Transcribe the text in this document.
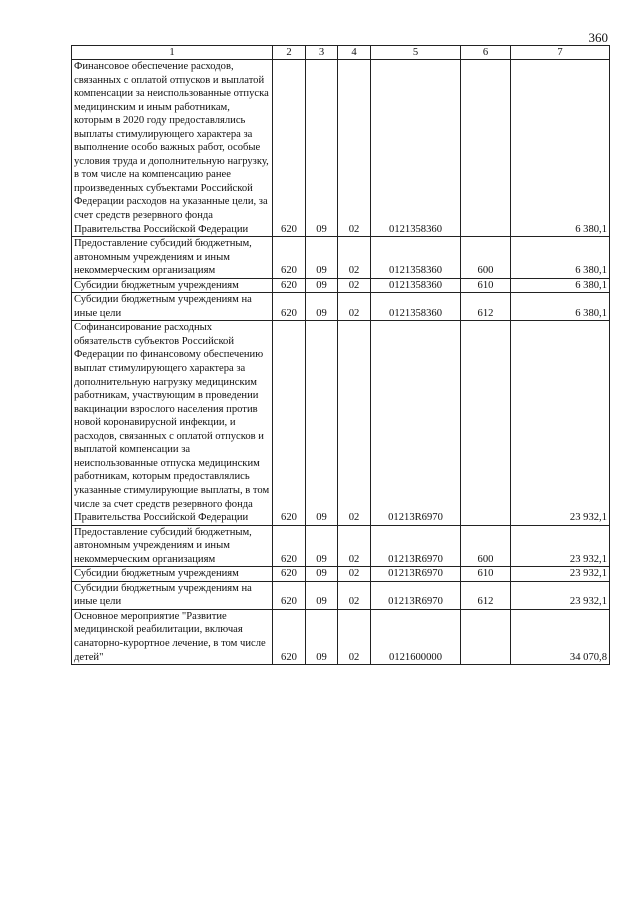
360
1	2	3	4	5	6	7
Финансовое обеспечение расходов, связанных с оплатой отпусков и выплатой компенсации за неиспользованные отпуска медицинским и иным работникам, которым в 2020 году предоставлялись выплаты стимулирующего характера за выполнение особо важных работ, особые условия труда и дополнительную нагрузку, в том числе на компенсацию ранее произведенных субъектами Российской Федерации расходов на указанные цели, за счет средств резервного фонда Правительства Российской Федерации	620	09	02	0121358360		6 380,1
Предоставление субсидий бюджетным, автономным учреждениям и иным некоммерческим организациям	620	09	02	0121358360	600	6 380,1
Субсидии бюджетным учреждениям	620	09	02	0121358360	610	6 380,1
Субсидии бюджетным учреждениям на иные цели	620	09	02	0121358360	612	6 380,1
Софинансирование расходных обязательств субъектов Российской Федерации по финансовому обеспечению выплат стимулирующего характера за дополнительную нагрузку медицинским работникам, участвующим в проведении вакцинации взрослого населения против новой коронавирусной инфекции, и расходов, связанных с оплатой отпусков и выплатой компенсации за неиспользованные отпуска медицинским работникам, которым предоставлялись указанные стимулирующие выплаты, в том числе за счет средств резервного фонда Правительства Российской Федерации	620	09	02	01213R6970		23 932,1
Предоставление субсидий бюджетным, автономным учреждениям и иным некоммерческим организациям	620	09	02	01213R6970	600	23 932,1
Субсидии бюджетным учреждениям	620	09	02	01213R6970	610	23 932,1
Субсидии бюджетным учреждениям на иные цели	620	09	02	01213R6970	612	23 932,1
Основное мероприятие "Развитие медицинской реабилитации, включая санаторно-курортное лечение, в том числе детей"	620	09	02	0121600000		34 070,8
